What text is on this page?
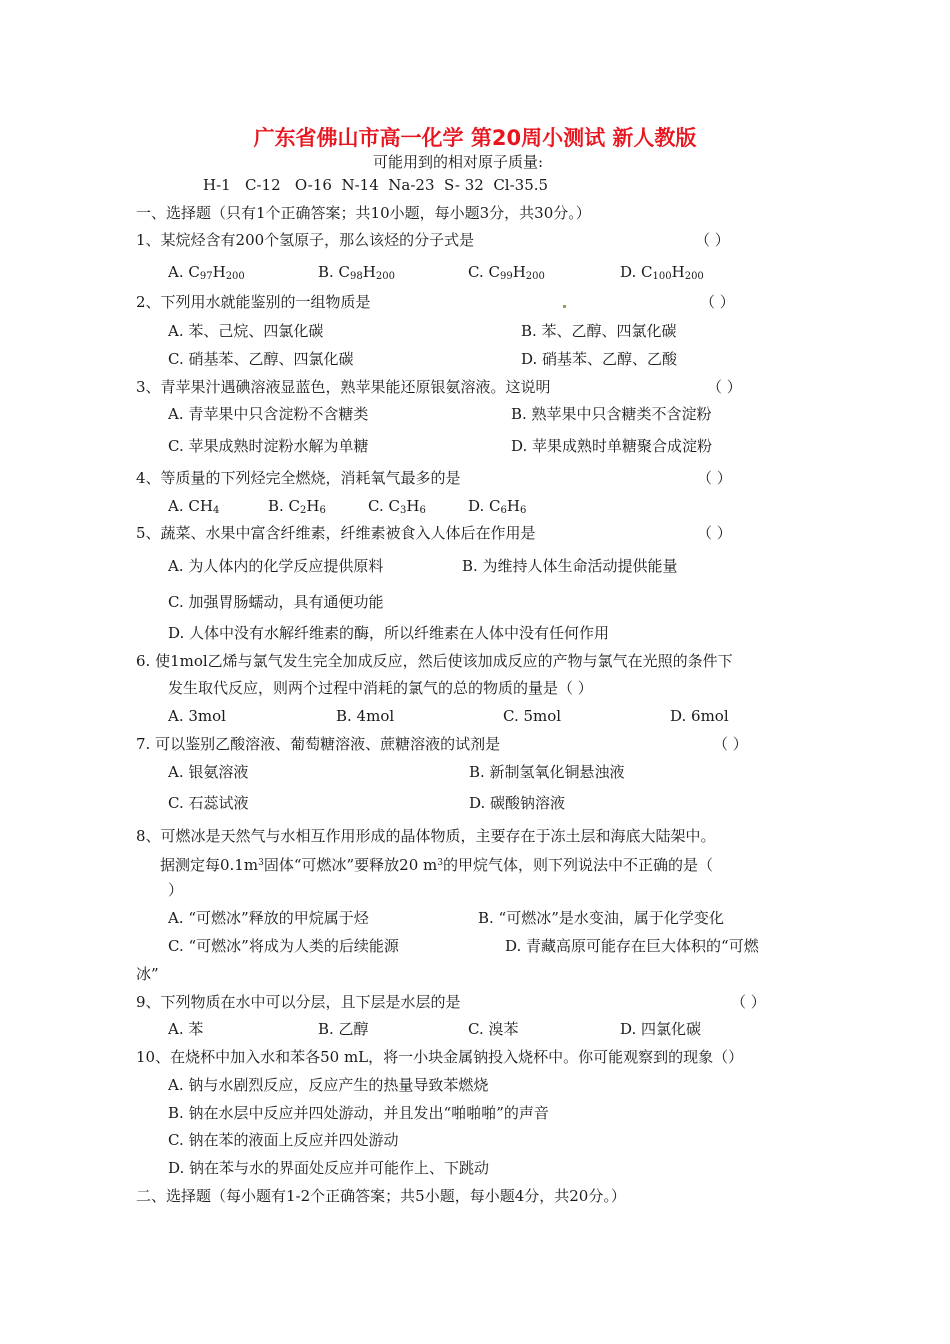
广东省佛山市高一化学 第20周小测试 新人教版
可能用到的相对原子质量:
H-1   C-12   O-16  N-14  Na-23  S- 32  Cl-35.5
一、选择题（只有1个正确答案；共10小题，每小题3分，共30分。）
1、某烷烃含有200个氢原子，那么该烃的分子式是	（ ）
A. $C_{97}H_{200}$	B. $C_{98}H_{200}$	C. $C_{99}H_{200}$	D. $C_{100}H_{200}$
2、下列用水就能鉴别的一组物质是	（ ）
A. 苯、己烷、四氯化碳	B. 苯、乙醇、四氯化碳
C. 硝基苯、乙醇、四氯化碳	D. 硝基苯、乙醇、乙酸
3、青苹果汁遇碘溶液显蓝色，熟苹果能还原银氨溶液。这说明	（ ）
A. 青苹果中只含淀粉不含糖类	B. 熟苹果中只含糖类不含淀粉
C. 苹果成熟时淀粉水解为单糖	D. 苹果成熟时单糖聚合成淀粉
4、等质量的下列烃完全燃烧，消耗氧气最多的是	（ ）
A. $CH_4$	B. $C_2H_6$	C. $C_3H_6$	D. $C_6H_6$
5、蔬菜、水果中富含纤维素，纤维素被食入人体后在作用是	（ ）
A. 为人体内的化学反应提供原料	B. 为维持人体生命活动提供能量
C. 加强胃肠蠕动，具有通便功能
D. 人体中没有水解纤维素的酶，所以纤维素在人体中没有任何作用
6. 使1mol乙烯与氯气发生完全加成反应，然后使该加成反应的产物与氯气在光照的条件下
发生取代反应，则两个过程中消耗的氯气的总的物质的量是（ ）
A. 3mol	B. 4mol	C. 5mol	D. 6mol
7. 可以鉴别乙酸溶液、葡萄糖溶液、蔗糖溶液的试剂是	（ ）
A. 银氨溶液	B. 新制氢氧化铜悬浊液
C. 石蕊试液	D. 碳酸钠溶液
8、可燃冰是天然气与水相互作用形成的晶体物质，主要存在于冻土层和海底大陆架中。
据测定每$0.1m^3$固体“可燃冰”要释放20 $m^3$的甲烷气体，则下列说法中不正确的是（
）
A. “可燃冰”释放的甲烷属于烃	B. “可燃冰”是水变油，属于化学变化
C. “可燃冰”将成为人类的后续能源	D. 青藏高原可能存在巨大体积的“可燃
冰”
9、下列物质在水中可以分层，且下层是水层的是	（ ）
A. 苯	B. 乙醇	C. 溴苯	D. 四氯化碳
10、在烧杯中加入水和苯各50 mL，将一小块金属钠投入烧杯中。你可能观察到的现象（）
A. 钠与水剧烈反应，反应产生的热量导致苯燃烧
B. 钠在水层中反应并四处游动，并且发出“啪啪啪”的声音
C. 钠在苯的液面上反应并四处游动
D. 钠在苯与水的界面处反应并可能作上、下跳动
二、选择题（每小题有1-2个正确答案；共5小题，每小题4分，共20分。）
